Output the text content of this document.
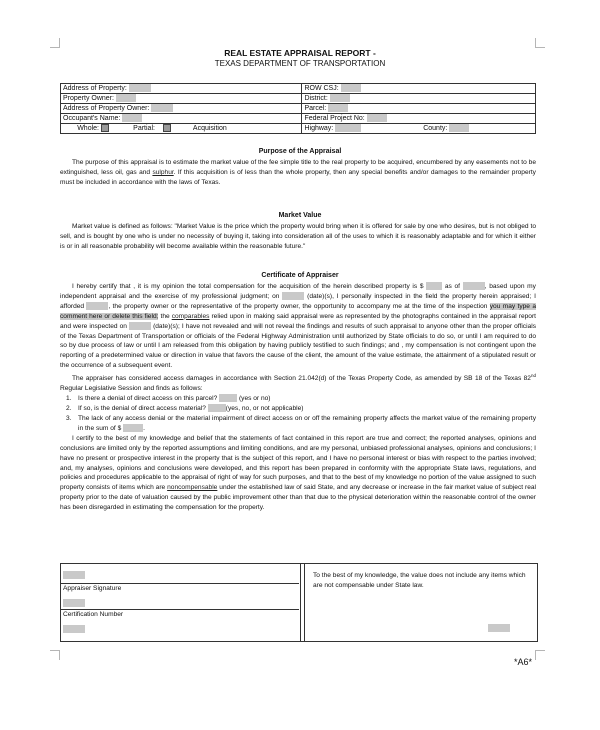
REAL ESTATE APPRAISAL REPORT -
TEXAS DEPARTMENT OF TRANSPORTATION
Address of Property:	ROW CSJ:
Property Owner:	District:
Address of Property Owner:	Parcel:
Occupant's Name:	Federal Project No:
Whole: Partial: Acquisition	Highway: County:
Purpose of the Appraisal

The purpose of this appraisal is to estimate the market value of the fee simple title to the real property to be acquired, encumbered by any easements not to be extinguished, less oil, gas and sulphur. If this acquisition is of less than the whole property, then any special benefits and/or damages to the remainder property must be included in accordance with the laws of Texas.

Market Value

Market value is defined as follows: "Market Value is the price which the property would bring when it is offered for sale by one who desires, but is not obliged to sell, and is bought by one who is under no necessity of buying it, taking into consideration all of the uses to which it is reasonably adaptable and for which it either is or in all reasonable probability will become available within the reasonable future."

Certificate of Appraiser

I hereby certify that , it is my opinion the total compensation for the acquisition of the herein described property is $	as of	, based upon my independent appraisal and the exercise of my professional judgment; on	(date)(s), I personally inspected in the field the property herein appraised; I afforded	, the property owner or the representative of the property owner, the opportunity to accompany me at the time of the inspection you may type a comment here or delete this field; the comparables relied upon in making said appraisal were as represented by the photographs contained in the appraisal report and were inspected on	(date)(s); I have not revealed and will not reveal the findings and results of such appraisal to anyone other than the proper officials of the Texas Department of Transportation or officials of the Federal Highway Administration until authorized by State officials to do so, or until I am required to do so by due process of law or until I am released from this obligation by having publicly testified to such findings; and , my compensation is not contingent upon the reporting of a predetermined value or direction in value that favors the cause of the client, the amount of the value estimate, the attainment of a stipulated result or the occurrence of a subsequent event.

The appraiser has considered access damages in accordance with Section 21.042(d) of the Texas Property Code, as amended by SB 18 of the Texas 82nd Regular Legislative Session and finds as follows:

1. Is there a denial of direct access on this parcel?	(yes or no)

2. If so, is the denial of direct access material?	(yes, no, or not applicable)

3. The lack of any access denial or the material impairment of direct access on or off the remaining property affects the market value of the remaining property in the sum of $	.

I certify to the best of my knowledge and belief that the statements of fact contained in this report are true and correct; the reported analyses, opinions and conclusions are limited only by the reported assumptions and limiting conditions, and are my personal, unbiased professional analyses, opinions and conclusions; I have no present or prospective interest in the property that is the subject of this report, and I have no personal interest or bias with respect to the parties involved; and, my analyses, opinions and conclusions were developed, and this report has been prepared in conformity with the appropriate State laws, regulations, and policies and procedures applicable to the appraisal of right of way for such purposes, and that to the best of my knowledge no portion of the value assigned to such property consists of items which are noncompensable under the established law of said State, and any decrease or increase in the fair market value of subject real property prior to the date of valuation caused by the public improvement other than that due to the physical deterioration within the reasonable control of the owner has been disregarded in estimating the compensation for the property.

Appraiser Signature
Certification Number
To the best of my knowledge, the value does not include any items which are not compensable under State law.
*A6*
